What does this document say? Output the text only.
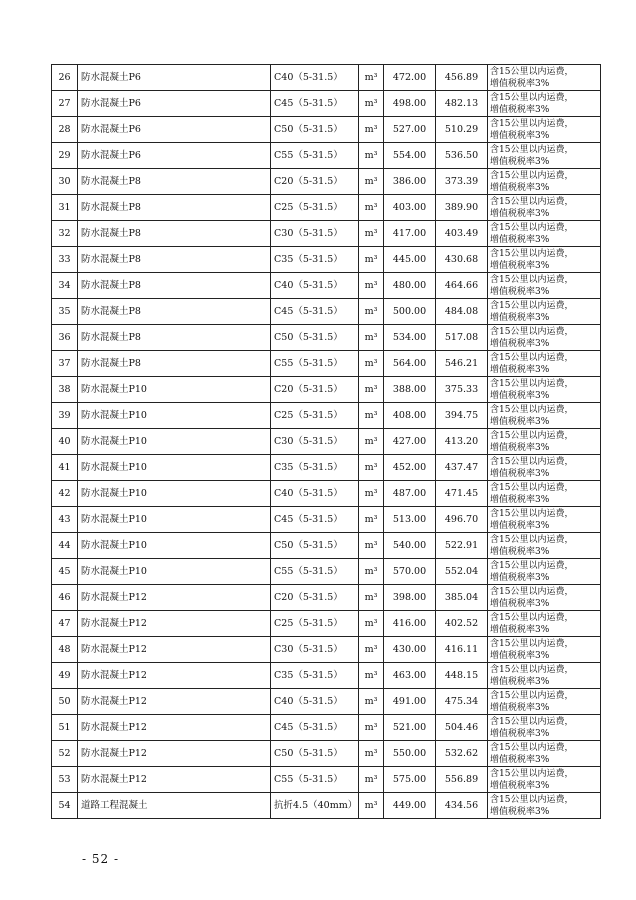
26	防水混凝土P6	C40（5-31.5）	m³	472.00	456.89	含15公里以内运费，
增值税税率3%

27	防水混凝土P6	C45（5-31.5）	m³	498.00	482.13	含15公里以内运费，
增值税税率3%

28	防水混凝土P6	C50（5-31.5）	m³	527.00	510.29	含15公里以内运费，
增值税税率3%

29	防水混凝土P6	C55（5-31.5）	m³	554.00	536.50	含15公里以内运费，
增值税税率3%

30	防水混凝土P8	C20（5-31.5）	m³	386.00	373.39	含15公里以内运费，
增值税税率3%

31	防水混凝土P8	C25（5-31.5）	m³	403.00	389.90	含15公里以内运费，
增值税税率3%

32	防水混凝土P8	C30（5-31.5）	m³	417.00	403.49	含15公里以内运费，
增值税税率3%

33	防水混凝土P8	C35（5-31.5）	m³	445.00	430.68	含15公里以内运费，
增值税税率3%

34	防水混凝土P8	C40（5-31.5）	m³	480.00	464.66	含15公里以内运费，
增值税税率3%

35	防水混凝土P8	C45（5-31.5）	m³	500.00	484.08	含15公里以内运费，
增值税税率3%

36	防水混凝土P8	C50（5-31.5）	m³	534.00	517.08	含15公里以内运费，
增值税税率3%

37	防水混凝土P8	C55（5-31.5）	m³	564.00	546.21	含15公里以内运费，
增值税税率3%

38	防水混凝土P10	C20（5-31.5）	m³	388.00	375.33	含15公里以内运费，
增值税税率3%

39	防水混凝土P10	C25（5-31.5）	m³	408.00	394.75	含15公里以内运费，
增值税税率3%

40	防水混凝土P10	C30（5-31.5）	m³	427.00	413.20	含15公里以内运费，
增值税税率3%

41	防水混凝土P10	C35（5-31.5）	m³	452.00	437.47	含15公里以内运费，
增值税税率3%

42	防水混凝土P10	C40（5-31.5）	m³	487.00	471.45	含15公里以内运费，
增值税税率3%

43	防水混凝土P10	C45（5-31.5）	m³	513.00	496.70	含15公里以内运费，
增值税税率3%

44	防水混凝土P10	C50（5-31.5）	m³	540.00	522.91	含15公里以内运费，
增值税税率3%

45	防水混凝土P10	C55（5-31.5）	m³	570.00	552.04	含15公里以内运费，
增值税税率3%

46	防水混凝土P12	C20（5-31.5）	m³	398.00	385.04	含15公里以内运费，
增值税税率3%

47	防水混凝土P12	C25（5-31.5）	m³	416.00	402.52	含15公里以内运费，
增值税税率3%

48	防水混凝土P12	C30（5-31.5）	m³	430.00	416.11	含15公里以内运费，
增值税税率3%

49	防水混凝土P12	C35（5-31.5）	m³	463.00	448.15	含15公里以内运费，
增值税税率3%

50	防水混凝土P12	C40（5-31.5）	m³	491.00	475.34	含15公里以内运费，
增值税税率3%

51	防水混凝土P12	C45（5-31.5）	m³	521.00	504.46	含15公里以内运费，
增值税税率3%

52	防水混凝土P12	C50（5-31.5）	m³	550.00	532.62	含15公里以内运费，
增值税税率3%

53	防水混凝土P12	C55（5-31.5）	m³	575.00	556.89	含15公里以内运费，
增值税税率3%

54	道路工程混凝土	抗折4.5（40mm）	m³	449.00	434.56	含15公里以内运费，
增值税税率3%
- 52 -
